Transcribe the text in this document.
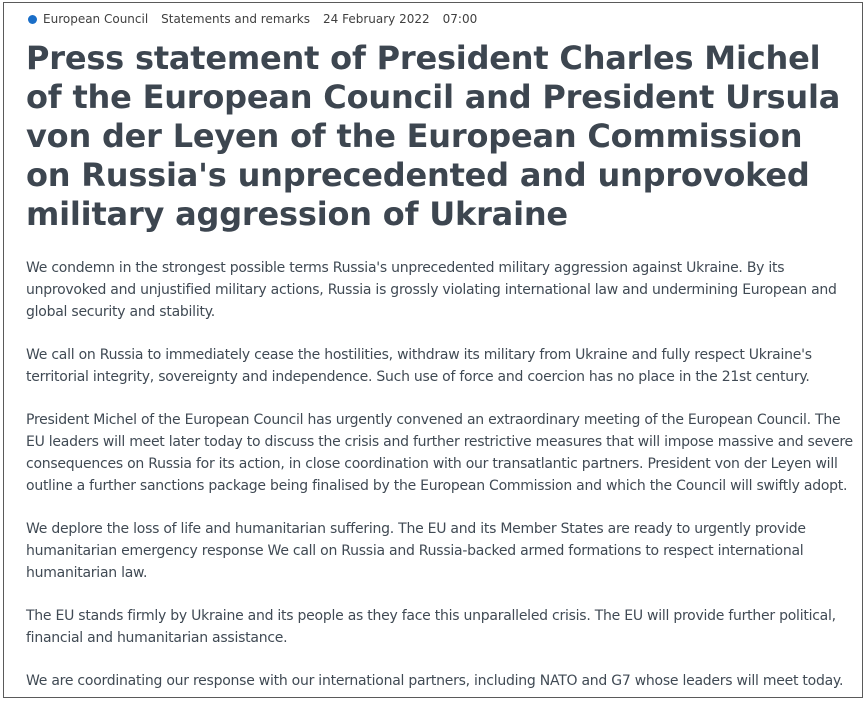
European Council Statements and remarks 24 February 2022 07:00
Press statement of President Charles Michel of the European Council and President Ursula von der Leyen of the European Commission on Russia's unprecedented and unprovoked military aggression of Ukraine

We condemn in the strongest possible terms Russia's unprecedented military aggression against Ukraine. By its unprovoked and unjustified military actions, Russia is grossly violating international law and undermining European and global security and stability.

We call on Russia to immediately cease the hostilities, withdraw its military from Ukraine and fully respect Ukraine's territorial integrity, sovereignty and independence. Such use of force and coercion has no place in the 21st century.

President Michel of the European Council has urgently convened an extraordinary meeting of the European Council. The EU leaders will meet later today to discuss the crisis and further restrictive measures that will impose massive and severe consequences on Russia for its action, in close coordination with our transatlantic partners. President von der Leyen will outline a further sanctions package being finalised by the European Commission and which the Council will swiftly adopt.

We deplore the loss of life and humanitarian suffering. The EU and its Member States are ready to urgently provide humanitarian emergency response We call on Russia and Russia-backed armed formations to respect international humanitarian law.

The EU stands firmly by Ukraine and its people as they face this unparalleled crisis. The EU will provide further political, financial and humanitarian assistance.

We are coordinating our response with our international partners, including NATO and G7 whose leaders will meet today.
